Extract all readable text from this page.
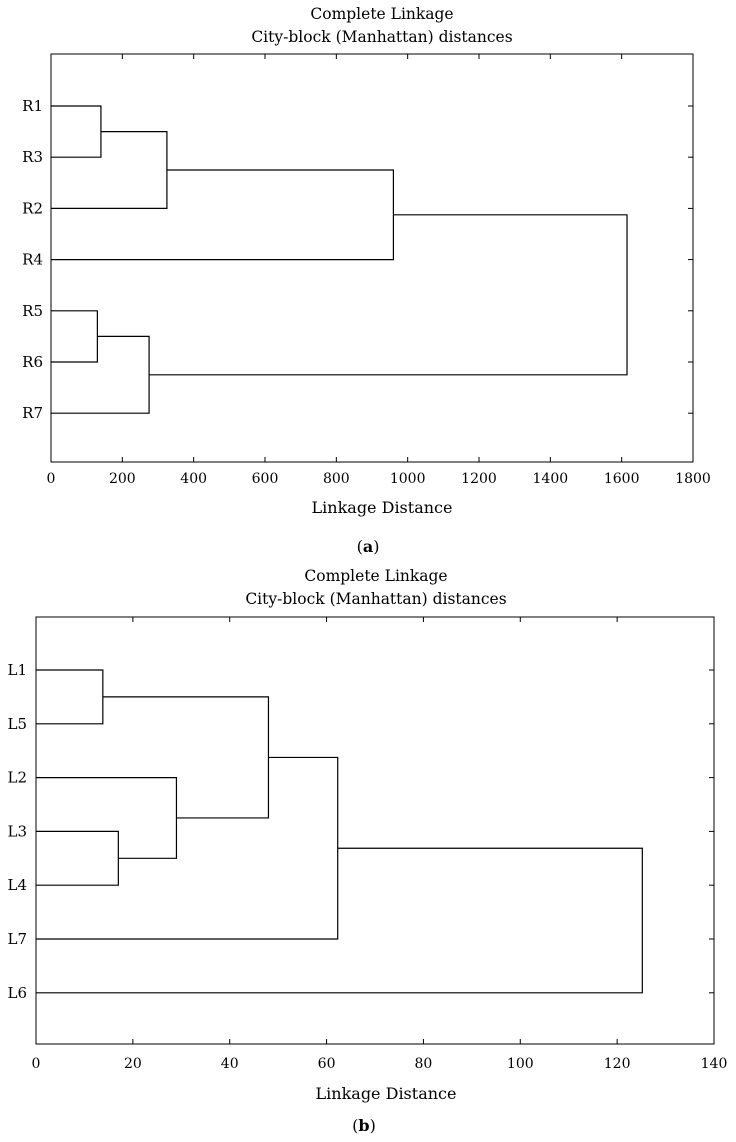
Complete Linkage
City-block (Manhattan) distances
R1
R3
R2
R4
R5
R6
R7
0	200	400	600	800	1000	1200	1400	1600	1800
Linkage Distance
(a)
Complete Linkage
City-block (Manhattan) distances
L1
L5
L2
L3
L4
L7
L6
0	20	40	60	80	100	120	140
Linkage Distance
(b)
